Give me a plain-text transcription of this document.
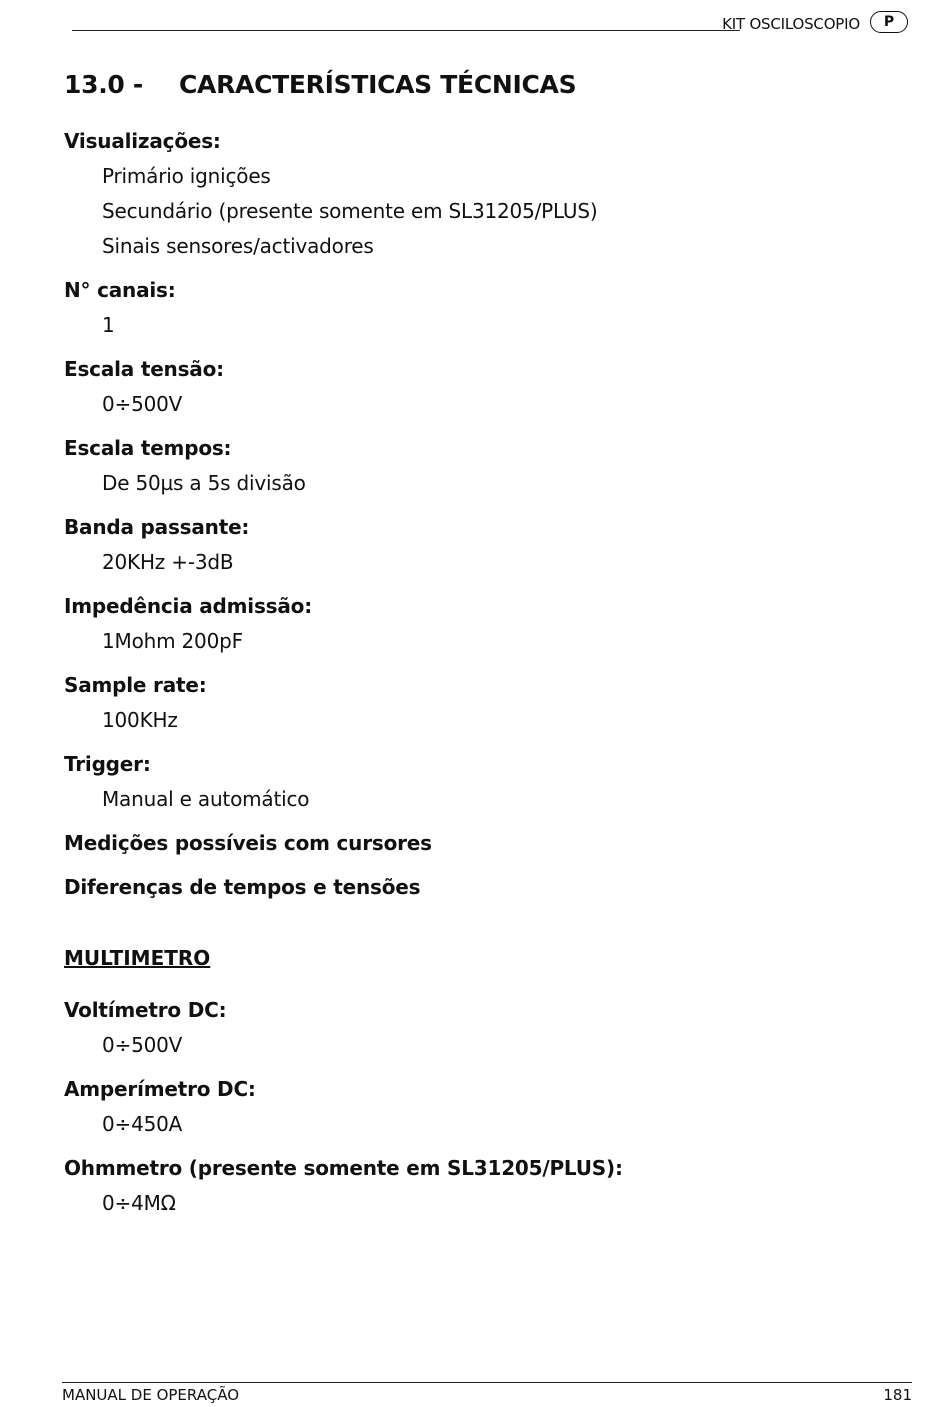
KIT OSCILOSCOPIO	P
13.0 - CARACTERÍSTICAS TÉCNICAS
Visualizações:
Primário ignições
Secundário (presente somente em SL31205/PLUS)
Sinais sensores/activadores
N° canais:
1
Escala tensão:
0÷500V
Escala tempos:
De 50µs a 5s divisão
Banda passante:
20KHz +-3dB
Impedência admissão:
1Mohm 200pF
Sample rate:
100KHz
Trigger:
Manual e automático
Medições possíveis com cursores
Diferenças de tempos e tensões
MULTIMETRO
Voltímetro DC:
0÷500V
Amperímetro DC:
0÷450A
Ohmmetro (presente somente em SL31205/PLUS):
0÷4MΩ
MANUAL DE OPERAÇÃO	181
